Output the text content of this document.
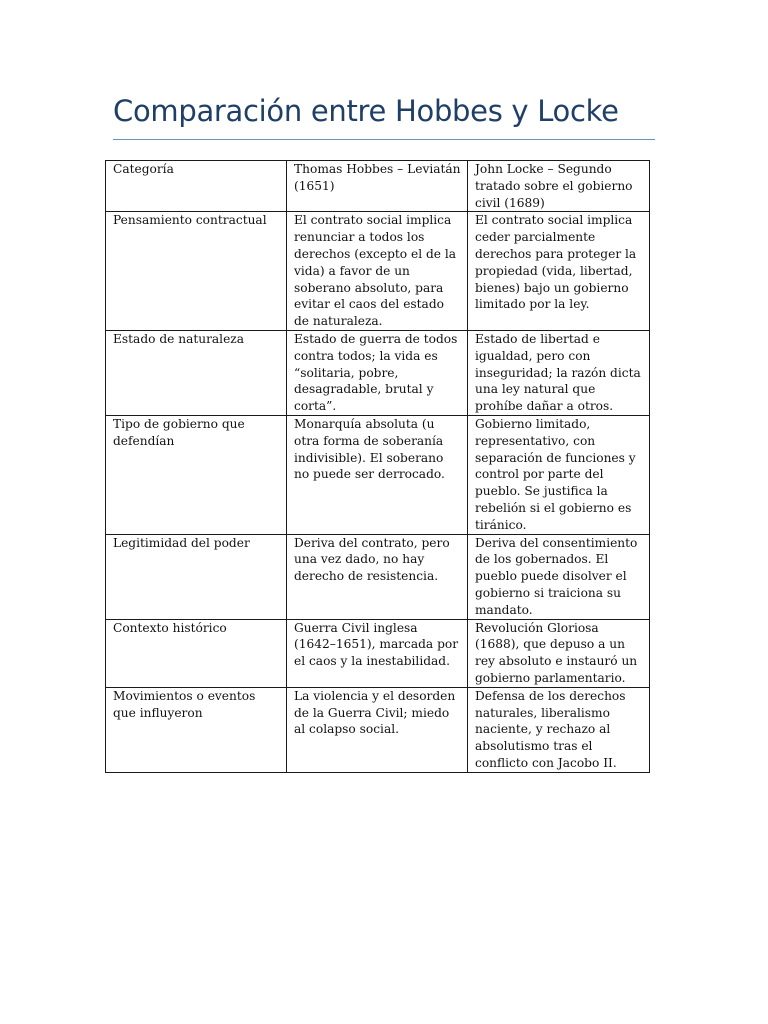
Comparación entre Hobbes y Locke
Categoría	Thomas Hobbes – Leviatán (1651)	John Locke – Segundo tratado sobre el gobierno civil (1689)
Pensamiento contractual	El contrato social implica renunciar a todos los derechos (excepto el de la vida) a favor de un soberano absoluto, para evitar el caos del estado de naturaleza.	El contrato social implica ceder parcialmente derechos para proteger la propiedad (vida, libertad, bienes) bajo un gobierno limitado por la ley.
Estado de naturaleza	Estado de guerra de todos contra todos; la vida es “solitaria, pobre, desagradable, brutal y corta”.	Estado de libertad e igualdad, pero con inseguridad; la razón dicta una ley natural que prohíbe dañar a otros.
Tipo de gobierno que defendían	Monarquía absoluta (u otra forma de soberanía indivisible). El soberano no puede ser derrocado.	Gobierno limitado, representativo, con separación de funciones y control por parte del pueblo. Se justifica la rebelión si el gobierno es tiránico.
Legitimidad del poder	Deriva del contrato, pero una vez dado, no hay derecho de resistencia.	Deriva del consentimiento de los gobernados. El pueblo puede disolver el gobierno si traiciona su mandato.
Contexto histórico	Guerra Civil inglesa (1642–1651), marcada por el caos y la inestabilidad.	Revolución Gloriosa (1688), que depuso a un rey absoluto e instauró un gobierno parlamentario.
Movimientos o eventos que influyeron	La violencia y el desorden de la Guerra Civil; miedo al colapso social.	Defensa de los derechos naturales, liberalismo naciente, y rechazo al absolutismo tras el conflicto con Jacobo II.
